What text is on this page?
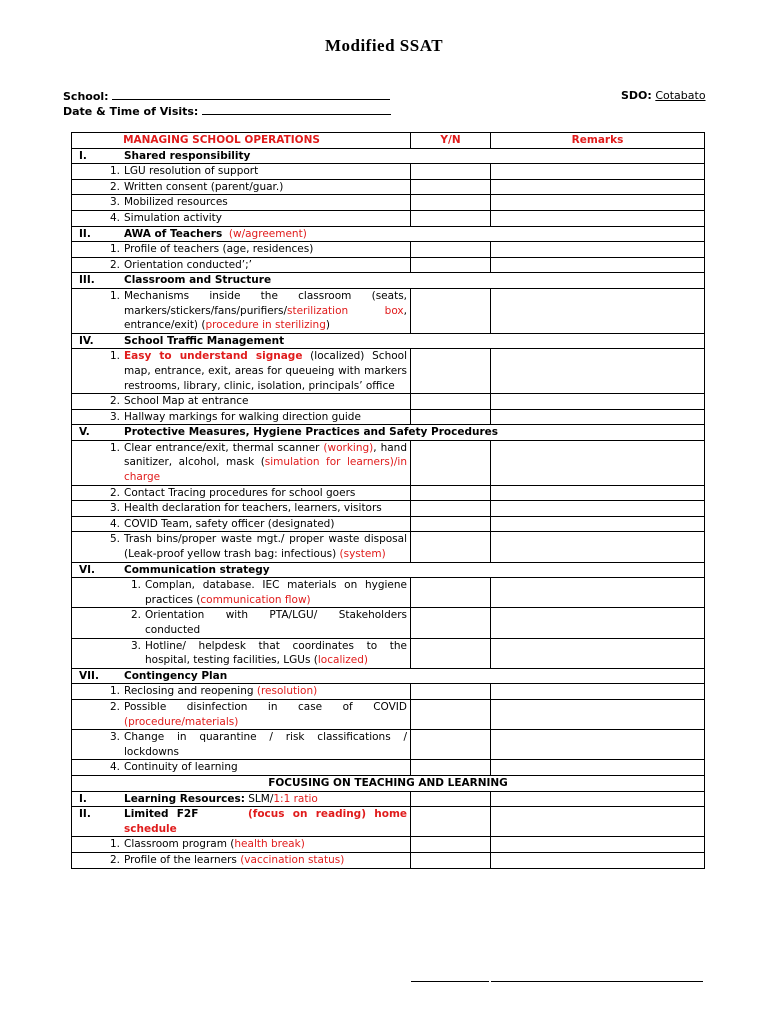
Modified SSAT
School:
Date & Time of Visits:
SDO: Cotabato
MANAGING SCHOOL OPERATIONS	Y/N	Remarks
I. Shared responsibility		
1. LGU resolution of support		
2. Written consent (parent/guar.)		
3. Mobilized resources		
4. Simulation activity		
II. AWA of Teachers (w/agreement)		
1. Profile of teachers (age, residences)		
2. Orientation conducted’;’		
III. Classroom and Structure		

1. Mechanisms inside the classroom (seats, markers/stickers/fans/purifiers/sterilization box, entrance/exit) (procedure in sterilizing)		

IV. School Traffic Management		

1. Easy to understand signage (localized) School map, entrance, exit, areas for queueing with markers restrooms, library, clinic, isolation, principals’ office		

2. School Map at entrance		
3. Hallway markings for walking direction guide		
V. Protective Measures, Hygiene Practices and Safety Procedures		

1. Clear entrance/exit, thermal scanner (working), hand sanitizer, alcohol, mask (simulation for learners)/in charge		

2. Contact Tracing procedures for school goers		

3. Health declaration for teachers, learners, visitors		

4. COVID Team, safety officer (designated)		

5. Trash bins/proper waste mgt./ proper waste disposal (Leak-proof yellow trash bag: infectious) (system)		

VI. Communication strategy		

1. Complan, database. IEC materials on hygiene practices (communication flow)		

2. Orientation with PTA/LGU/ Stakeholders conducted		

3. Hotline/ helpdesk that coordinates to the hospital, testing facilities, LGUs (localized)		

VII. Contingency Plan		
1. Reclosing and reopening (resolution)		

2. Possible disinfection in case of COVID (procedure/materials)		

3. Change in quarantine / risk classifications / lockdowns		

4. Continuity of learning		
FOCUSING ON TEACHING AND LEARNING		
I. Learning Resources: SLM/1:1 ratio		

II. Limited F2F (focus on reading) home schedule		

1. Classroom program (health break)		
2. Profile of the learners (vaccination status)		
